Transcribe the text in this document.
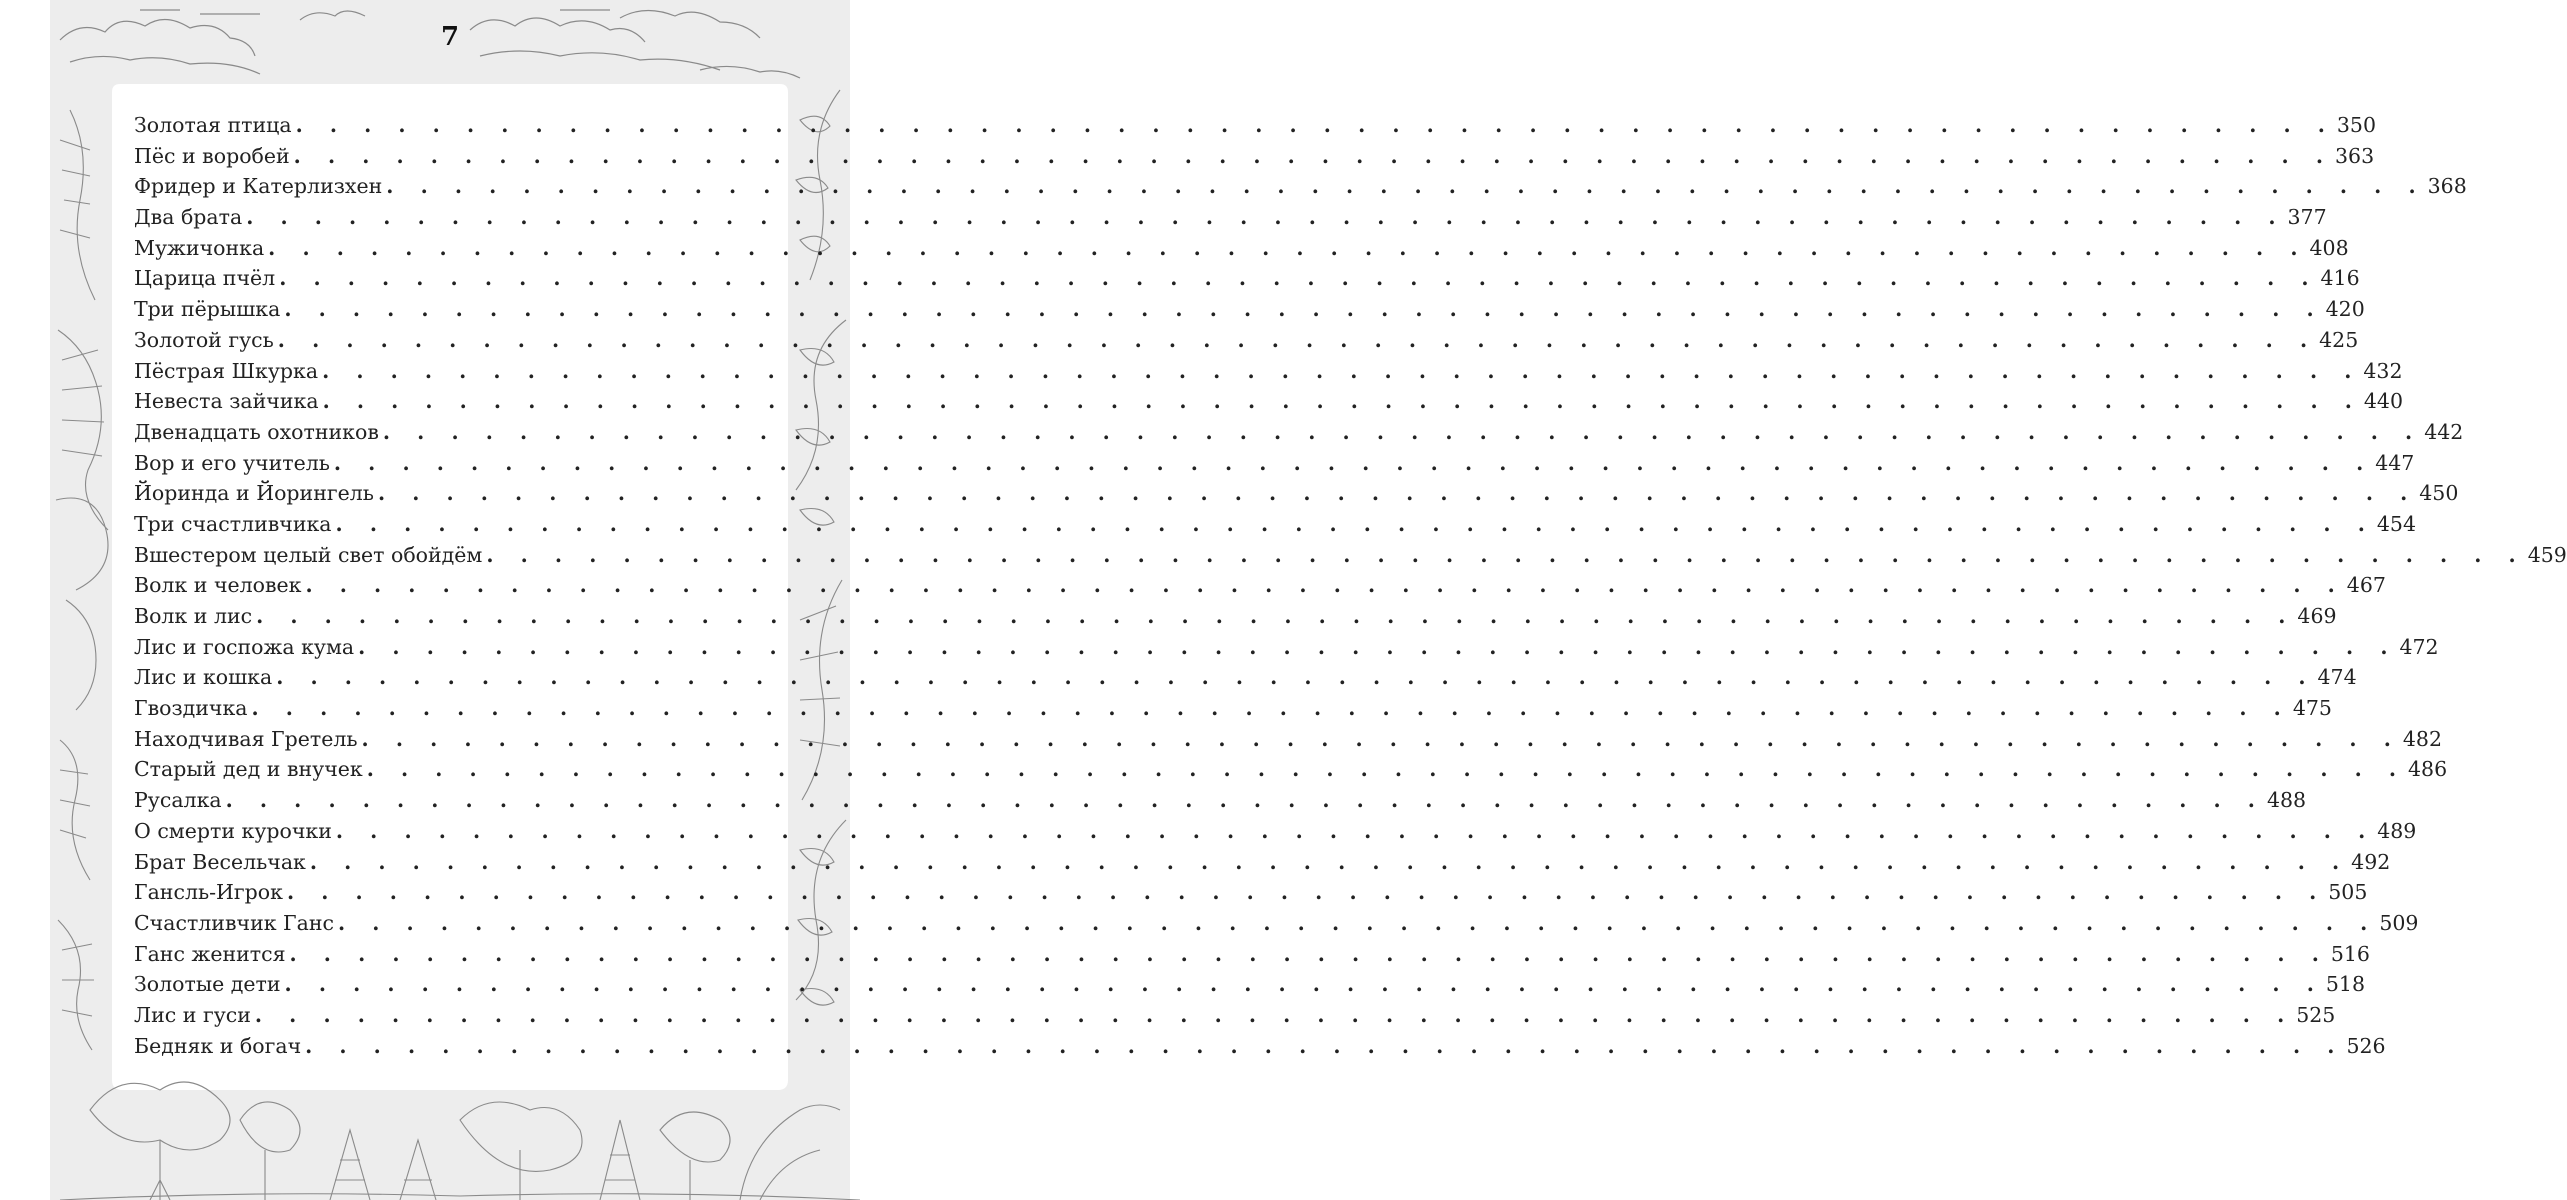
7
Золотая птица . . . . . . . . . . . . . . . . . . . . . . . . . . . . . . . . . . . . . . . . . . . . . . . . . . . . . . . . . . . . 350
Пёс и воробей . . . . . . . . . . . . . . . . . . . . . . . . . . . . . . . . . . . . . . . . . . . . . . . . . . . . . . . . . . . . 363
Фридер и Катерлизхен . . . . . . . . . . . . . . . . . . . . . . . . . . . . . . . . . . . . . . . . . . . . . . . . . . . . . . . . . . . . 368
Два брата . . . . . . . . . . . . . . . . . . . . . . . . . . . . . . . . . . . . . . . . . . . . . . . . . . . . . . . . . . . . 377
Мужичонка . . . . . . . . . . . . . . . . . . . . . . . . . . . . . . . . . . . . . . . . . . . . . . . . . . . . . . . . . . . . 408
Царица пчёл . . . . . . . . . . . . . . . . . . . . . . . . . . . . . . . . . . . . . . . . . . . . . . . . . . . . . . . . . . . . 416
Три пёрышка . . . . . . . . . . . . . . . . . . . . . . . . . . . . . . . . . . . . . . . . . . . . . . . . . . . . . . . . . . . . 420
Золотой гусь . . . . . . . . . . . . . . . . . . . . . . . . . . . . . . . . . . . . . . . . . . . . . . . . . . . . . . . . . . . . 425
Пёстрая Шкурка . . . . . . . . . . . . . . . . . . . . . . . . . . . . . . . . . . . . . . . . . . . . . . . . . . . . . . . . . . . . 432
Невеста зайчика . . . . . . . . . . . . . . . . . . . . . . . . . . . . . . . . . . . . . . . . . . . . . . . . . . . . . . . . . . . . 440
Двенадцать охотников . . . . . . . . . . . . . . . . . . . . . . . . . . . . . . . . . . . . . . . . . . . . . . . . . . . . . . . . . . . . 442
Вор и его учитель . . . . . . . . . . . . . . . . . . . . . . . . . . . . . . . . . . . . . . . . . . . . . . . . . . . . . . . . . . . . 447
Йоринда и Йорингель . . . . . . . . . . . . . . . . . . . . . . . . . . . . . . . . . . . . . . . . . . . . . . . . . . . . . . . . . . . . 450
Три счастливчика . . . . . . . . . . . . . . . . . . . . . . . . . . . . . . . . . . . . . . . . . . . . . . . . . . . . . . . . . . . . 454
Вшестером целый свет обойдём . . . . . . . . . . . . . . . . . . . . . . . . . . . . . . . . . . . . . . . . . . . . . . . . . . . . . . . . . . . . 459
Волк и человек . . . . . . . . . . . . . . . . . . . . . . . . . . . . . . . . . . . . . . . . . . . . . . . . . . . . . . . . . . . . 467
Волк и лис . . . . . . . . . . . . . . . . . . . . . . . . . . . . . . . . . . . . . . . . . . . . . . . . . . . . . . . . . . . . 469
Лис и госпожа кума . . . . . . . . . . . . . . . . . . . . . . . . . . . . . . . . . . . . . . . . . . . . . . . . . . . . . . . . . . . . 472
Лис и кошка . . . . . . . . . . . . . . . . . . . . . . . . . . . . . . . . . . . . . . . . . . . . . . . . . . . . . . . . . . . . 474
Гвоздичка . . . . . . . . . . . . . . . . . . . . . . . . . . . . . . . . . . . . . . . . . . . . . . . . . . . . . . . . . . . . 475
Находчивая Гретель . . . . . . . . . . . . . . . . . . . . . . . . . . . . . . . . . . . . . . . . . . . . . . . . . . . . . . . . . . . . 482
Старый дед и внучек . . . . . . . . . . . . . . . . . . . . . . . . . . . . . . . . . . . . . . . . . . . . . . . . . . . . . . . . . . . . 486
Русалка . . . . . . . . . . . . . . . . . . . . . . . . . . . . . . . . . . . . . . . . . . . . . . . . . . . . . . . . . . . . 488
О смерти курочки . . . . . . . . . . . . . . . . . . . . . . . . . . . . . . . . . . . . . . . . . . . . . . . . . . . . . . . . . . . . 489
Брат Весельчак . . . . . . . . . . . . . . . . . . . . . . . . . . . . . . . . . . . . . . . . . . . . . . . . . . . . . . . . . . . . 492
Гансль-Игрок . . . . . . . . . . . . . . . . . . . . . . . . . . . . . . . . . . . . . . . . . . . . . . . . . . . . . . . . . . . . 505
Счастливчик Ганс . . . . . . . . . . . . . . . . . . . . . . . . . . . . . . . . . . . . . . . . . . . . . . . . . . . . . . . . . . . . 509
Ганс женится . . . . . . . . . . . . . . . . . . . . . . . . . . . . . . . . . . . . . . . . . . . . . . . . . . . . . . . . . . . . 516
Золотые дети . . . . . . . . . . . . . . . . . . . . . . . . . . . . . . . . . . . . . . . . . . . . . . . . . . . . . . . . . . . . 518
Лис и гуси . . . . . . . . . . . . . . . . . . . . . . . . . . . . . . . . . . . . . . . . . . . . . . . . . . . . . . . . . . . . 525
Бедняк и богач . . . . . . . . . . . . . . . . . . . . . . . . . . . . . . . . . . . . . . . . . . . . . . . . . . . . . . . . . . . . 526
